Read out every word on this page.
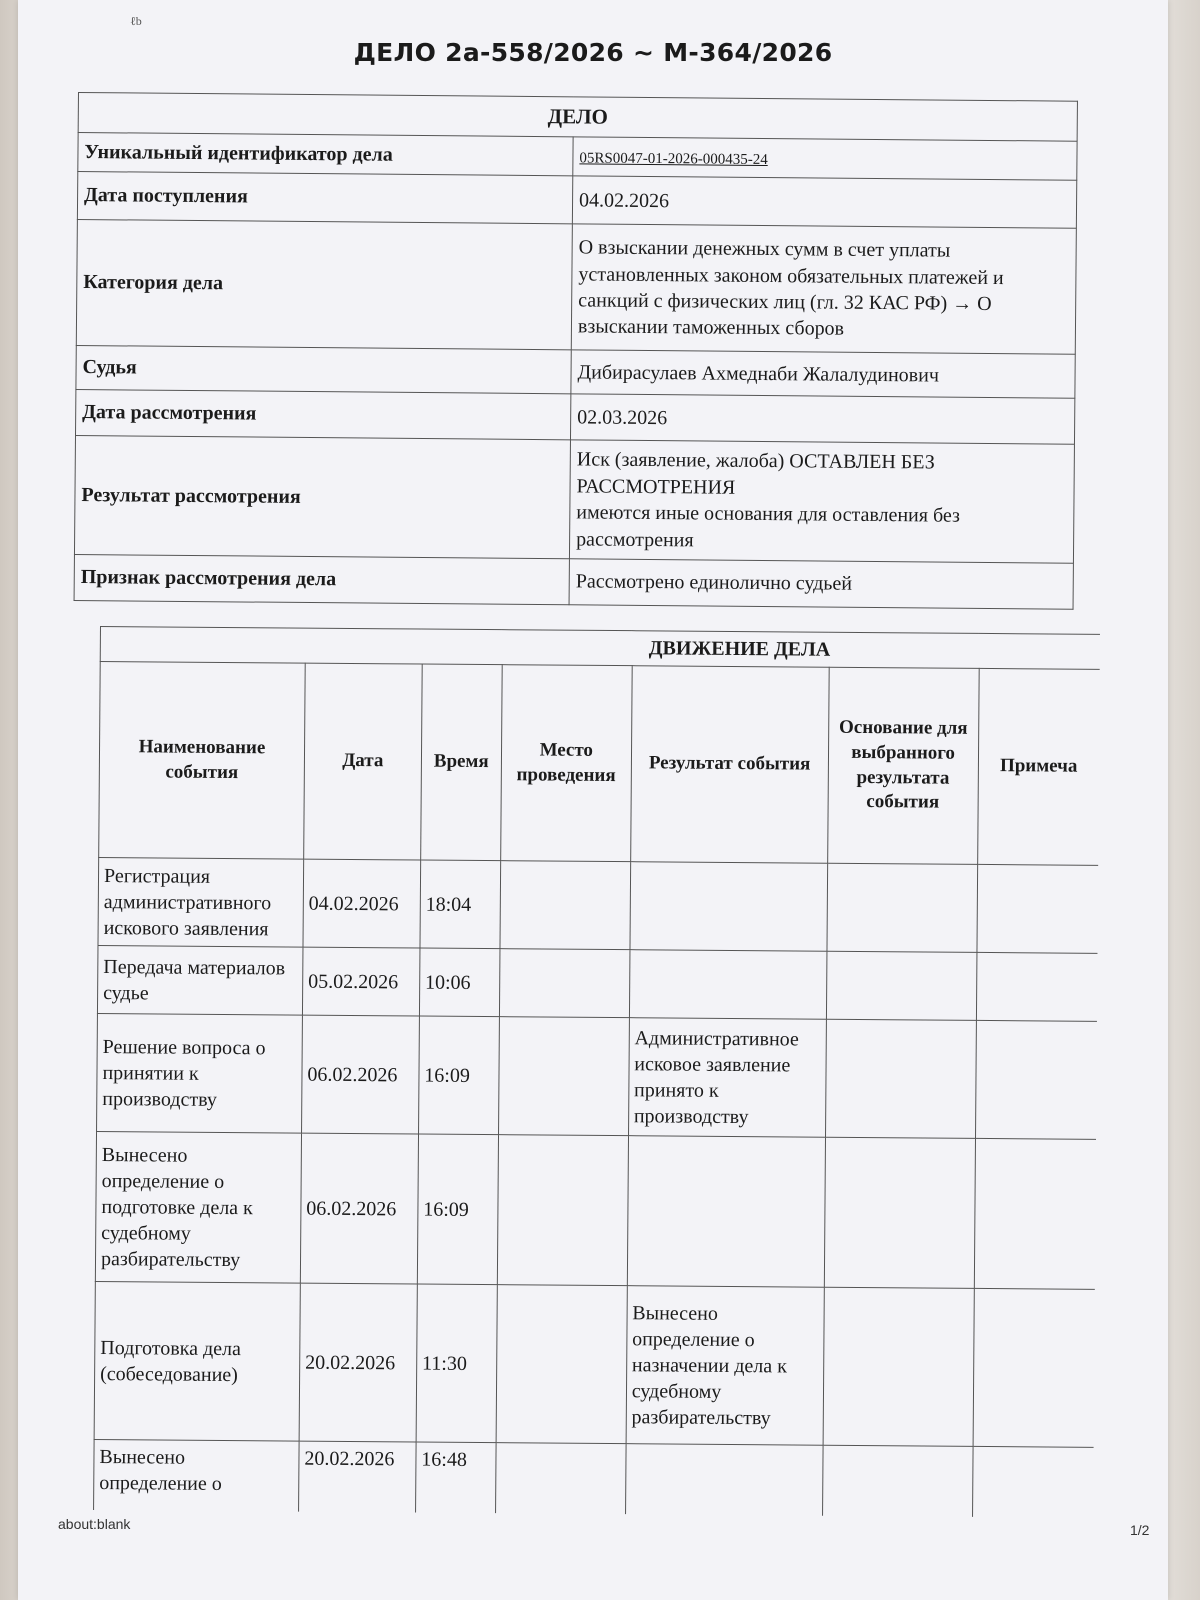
ℓb
ДЕЛО 2а-558/2026 ~ М-364/2026
ДЕЛО	
Уникальный идентификатор дела	05RS0047-01-2026-000435-24
Дата поступления	04.02.2026
Категория дела	О взыскании денежных сумм в счет уплаты установленных законом обязательных платежей и санкций с физических лиц (гл. 32 КАС РФ) → О взыскании таможенных сборов
Судья	Дибирасулаев Ахмеднаби Жалалудинович
Дата рассмотрения	02.03.2026
Результат рассмотрения	Иск (заявление, жалоба) ОСТАВЛЕН БЕЗ РАССМОТРЕНИЯ
имеются иные основания для оставления без рассмотрения

Признак рассмотрения дела	Рассмотрено единолично судьей
ДВИЖЕНИЕ ДЕЛА						
Наименование события	Дата	Время	Место проведения	Результат события	Основание для выбранного результата события	Примеча
Регистрация административного искового заявления	04.02.2026	18:04				
Передача материалов судье	05.02.2026	10:06				
Решение вопроса о принятии к производству	06.02.2026	16:09		Административное исковое заявление принято к производству		
Вынесено определение о подготовке дела к судебному разбирательству	06.02.2026	16:09				
Подготовка дела (собеседование)	20.02.2026	11:30		Вынесено определение о назначении дела к судебному разбирательству		
Вынесено определение о	20.02.2026	16:48				
about:blank	1/2
